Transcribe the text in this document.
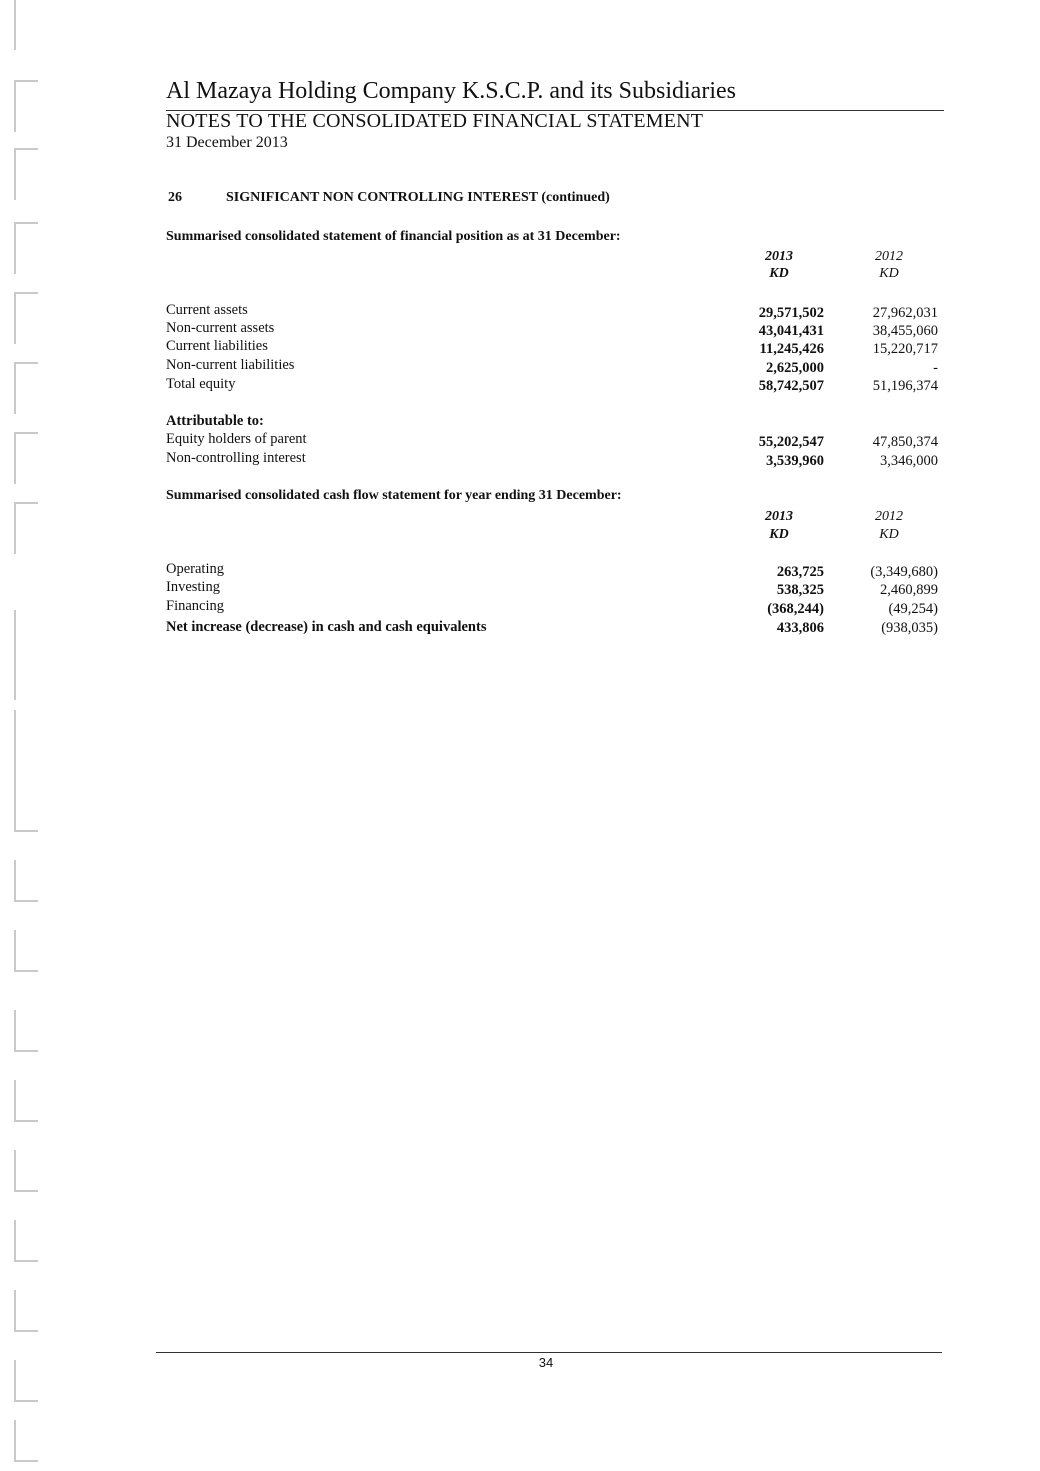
Al Mazaya Holding Company K.S.C.P. and its Subsidiaries
NOTES TO THE CONSOLIDATED FINANCIAL STATEMENT
31 December 2013
26	SIGNIFICANT NON CONTROLLING INTEREST (continued)
Summarised consolidated statement of financial position as at 31 December:
2013
KD
2012
KD
Current assets	29,571,502	27,962,031
Non-current assets	43,041,431	38,455,060
Current liabilities	11,245,426	15,220,717
Non-current liabilities	2,625,000	-
Total equity	58,742,507	51,196,374
Attributable to:
Equity holders of parent	55,202,547	47,850,374
Non-controlling interest	3,539,960	3,346,000
Summarised consolidated cash flow statement for year ending 31 December:
2013
KD
2012
KD
Operating	263,725	(3,349,680)
Investing	538,325	2,460,899
Financing	(368,244)	(49,254)
Net increase (decrease) in cash and cash equivalents	433,806	(938,035)
34
